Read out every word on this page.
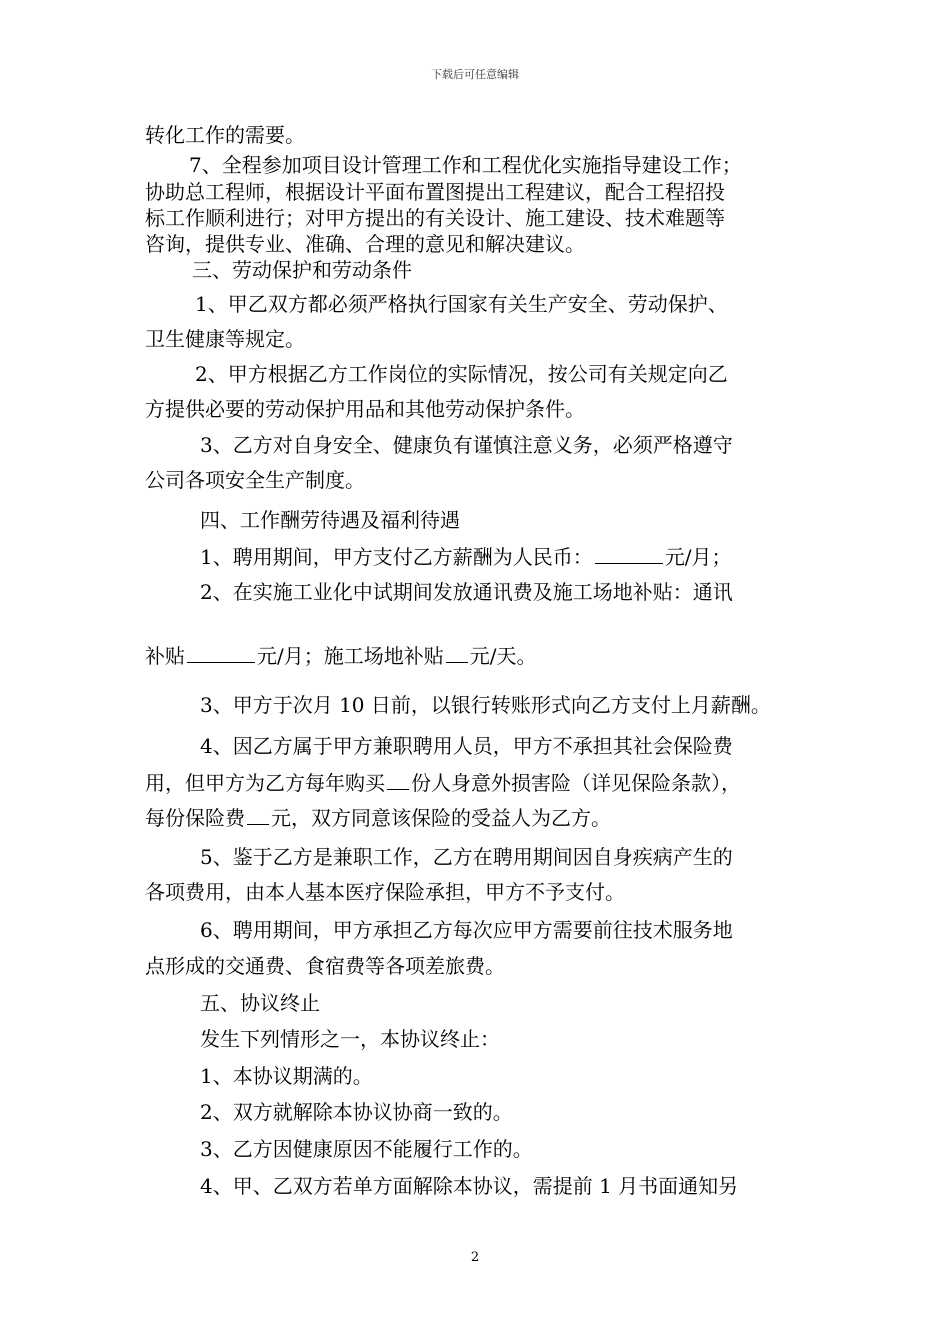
下载后可任意编辑
转化工作的需要。
7、全程参加项目设计管理工作和工程优化实施指导建设工作；
协助总工程师，根据设计平面布置图提出工程建议，配合工程招投
标工作顺利进行；对甲方提出的有关设计、施工建设、技术难题等
咨询，提供专业、准确、合理的意见和解决建议。
三、劳动保护和劳动条件
1、甲乙双方都必须严格执行国家有关生产安全、劳动保护、
卫生健康等规定。
2、甲方根据乙方工作岗位的实际情况，按公司有关规定向乙
方提供必要的劳动保护用品和其他劳动保护条件。
3、乙方对自身安全、健康负有谨慎注意义务，必须严格遵守
公司各项安全生产制度。
四、工作酬劳待遇及福利待遇
1、聘用期间，甲方支付乙方薪酬为人民币：	元/月；
2、在实施工业化中试期间发放通讯费及施工场地补贴：通讯
补贴	元/月；施工场地补贴 元/天。
3、甲方于次月 10 日前，以银行转账形式向乙方支付上月薪酬。
4、因乙方属于甲方兼职聘用人员，甲方不承担其社会保险费
用，但甲方为乙方每年购买 份人身意外损害险（详见保险条款），
每份保险费 元，双方同意该保险的受益人为乙方。
5、鉴于乙方是兼职工作，乙方在聘用期间因自身疾病产生的
各项费用，由本人基本医疗保险承担，甲方不予支付。
6、聘用期间，甲方承担乙方每次应甲方需要前往技术服务地
点形成的交通费、食宿费等各项差旅费。
五、协议终止
发生下列情形之一，本协议终止：
1、本协议期满的。
2、双方就解除本协议协商一致的。
3、乙方因健康原因不能履行工作的。
4、甲、乙双方若单方面解除本协议，需提前 1 月书面通知另
2
